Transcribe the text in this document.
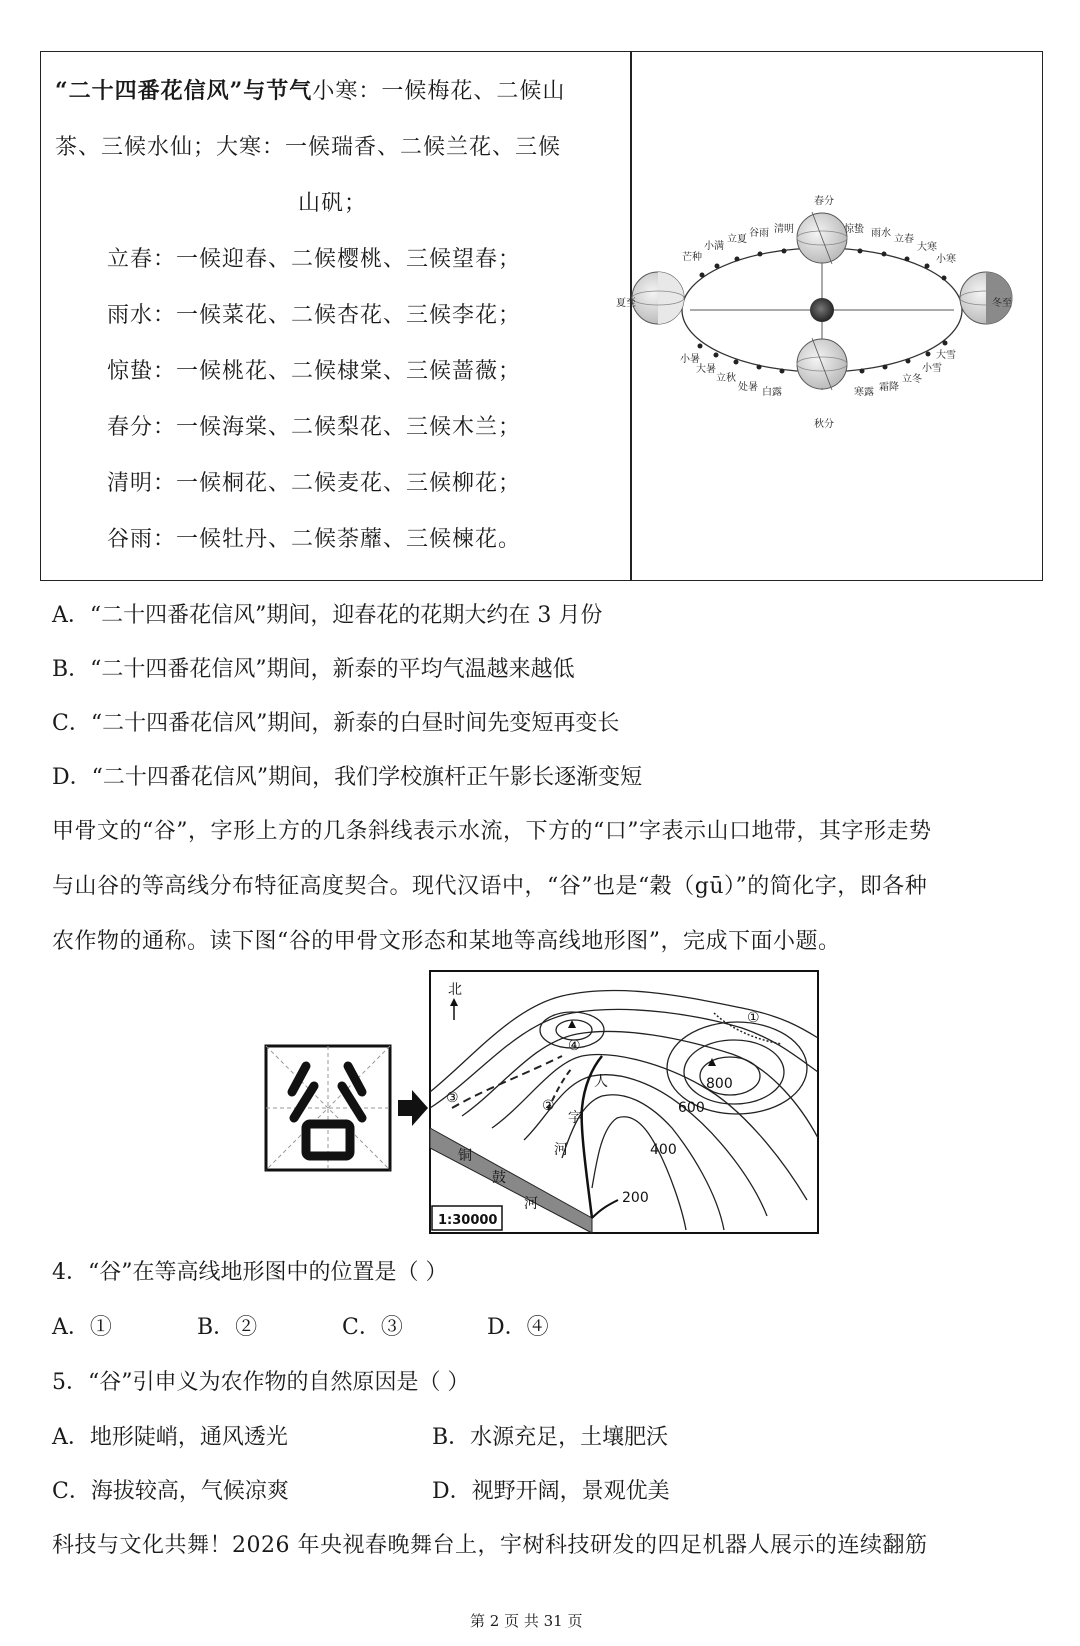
“二十四番花信风”与节气小寒：一候梅花、二候山
茶、三候水仙；大寒：一候瑞香、二候兰花、三候
山矾；
立春：一候迎春、二候樱桃、三候望春；
雨水：一候菜花、二候杏花、三候李花；
惊蛰：一候桃花、二候棣棠、三候蔷薇；
春分：一候海棠、二候梨花、三候木兰；
清明：一候桐花、二候麦花、三候柳花；
谷雨：一候牡丹、二候荼蘼、三候楝花。
春分
秋分
夏至	冬至
清明
谷雨
立夏
小满
芒种
惊蛰 雨水
立春
大寒
小寒
小暑
大暑
立秋
处暑 白露	寒露 霜降
立冬
小雪
大雪
A．“二十四番花信风”期间，迎春花的花期大约在 3 月份
B．“二十四番花信风”期间，新泰的平均气温越来越低
C．“二十四番花信风”期间，新泰的白昼时间先变短再变长
D．“二十四番花信风”期间，我们学校旗杆正午影长逐渐变短
甲骨文的“谷”，字形上方的几条斜线表示水流，下方的“口”字表示山口地带，其字形走势
与山谷的等高线分布特征高度契合。现代汉语中，“谷”也是“穀（gū）”的简化字，即各种
农作物的通称。读下图“谷的甲骨文形态和某地等高线地形图”，完成下面小题。
北
④
①
③	②
800
600
400
200
铜
鼓
河
人
字
河
1:30000
4．“谷”在等高线地形图中的位置是（ ）
A．①	B．②	C．③	D．④
5．“谷”引申义为农作物的自然原因是（ ）
A．地形陡峭，通风透光	B．水源充足，土壤肥沃
C．海拔较高，气候凉爽	D．视野开阔，景观优美
科技与文化共舞！2026 年央视春晚舞台上，宇树科技研发的四足机器人展示的连续翻筋
第 2 页 共 31 页
